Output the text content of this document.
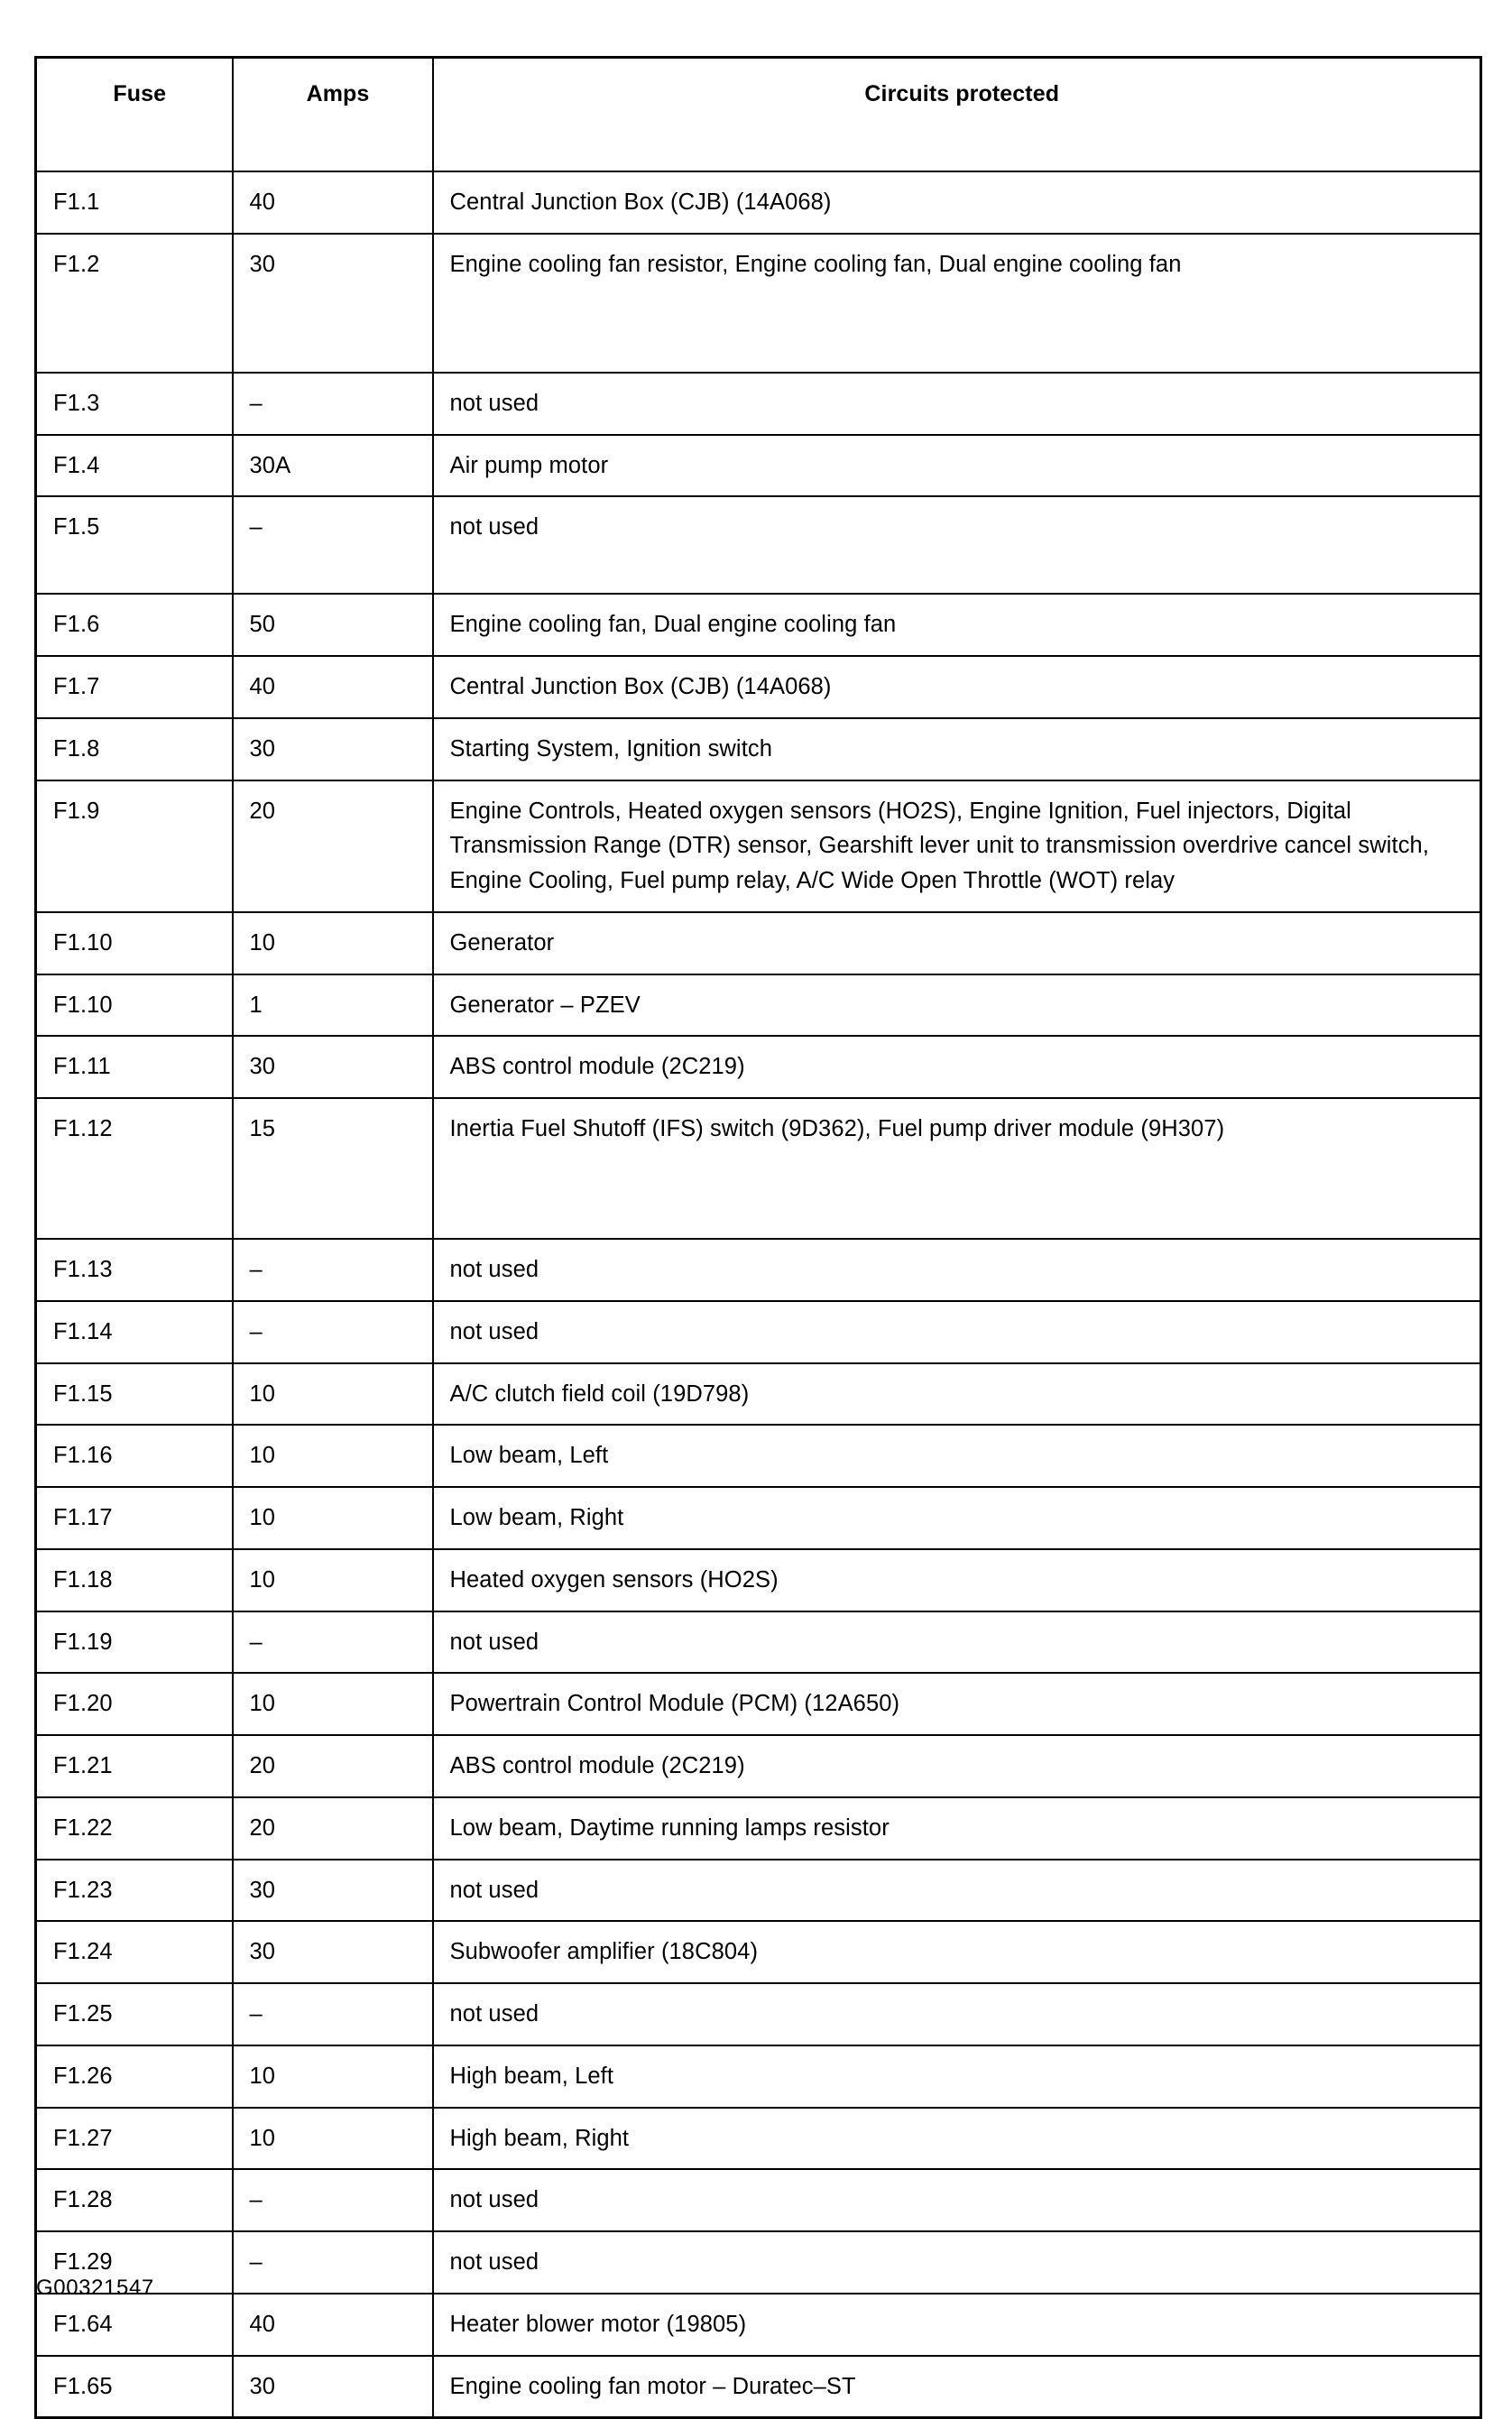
Fuse	Amps	Circuits protected
F1.1	40	Central Junction Box (CJB) (14A068)
F1.2	30	Engine cooling fan resistor, Engine cooling fan, Dual engine cooling fan
F1.3	–	not used
F1.4	30A	Air pump motor
F1.5	–	not used
F1.6	50	Engine cooling fan, Dual engine cooling fan
F1.7	40	Central Junction Box (CJB) (14A068)
F1.8	30	Starting System, Ignition switch
F1.9	20	Engine Controls, Heated oxygen sensors (HO2S), Engine Ignition, Fuel injectors, Digital Transmission Range (DTR) sensor, Gearshift lever unit to transmission overdrive cancel switch, Engine Cooling, Fuel pump relay, A/C Wide Open Throttle (WOT) relay
F1.10	10	Generator
F1.10	1	Generator – PZEV
F1.11	30	ABS control module (2C219)
F1.12	15	Inertia Fuel Shutoff (IFS) switch (9D362), Fuel pump driver module (9H307)
F1.13	–	not used
F1.14	–	not used
F1.15	10	A/C clutch field coil (19D798)
F1.16	10	Low beam, Left
F1.17	10	Low beam, Right
F1.18	10	Heated oxygen sensors (HO2S)
F1.19	–	not used
F1.20	10	Powertrain Control Module (PCM) (12A650)
F1.21	20	ABS control module (2C219)
F1.22	20	Low beam, Daytime running lamps resistor
F1.23	30	not used
F1.24	30	Subwoofer amplifier (18C804)
F1.25	–	not used
F1.26	10	High beam, Left
F1.27	10	High beam, Right
F1.28	–	not used
F1.29	–	not used
F1.64	40	Heater blower motor (19805)
F1.65	30	Engine cooling fan motor – Duratec–ST
G00321547
